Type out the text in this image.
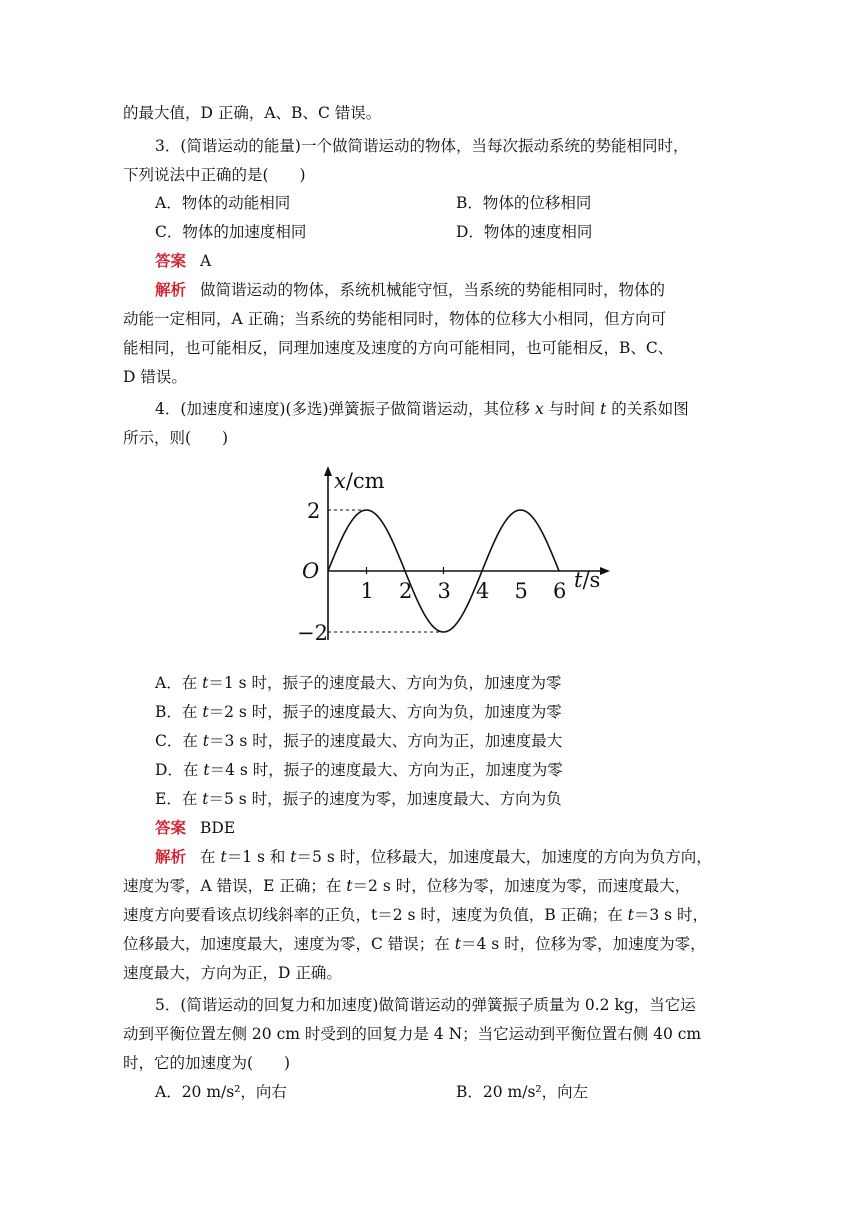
的最大值，D 正确，A、B、C 错误。
3．(简谐运动的能量)一个做简谐运动的物体，当每次振动系统的势能相同时，
下列说法中正确的是(　　)
A．物体的动能相同	B．物体的位移相同
C．物体的加速度相同	D．物体的速度相同
答案 A
解析 做简谐运动的物体，系统机械能守恒，当系统的势能相同时，物体的
动能一定相同，A 正确；当系统的势能相同时，物体的位移大小相同，但方向可
能相同，也可能相反，同理加速度及速度的方向可能相同，也可能相反，B、C、
D 错误。
4．(加速度和速度)(多选)弹簧振子做简谐运动，其位移 x 与时间 t 的关系如图
所示，则(　　)
1 2 3 4 5 6
2
−2
O
x/cm
t/s
A．在 t＝1 s 时，振子的速度最大、方向为负，加速度为零
B．在 t＝2 s 时，振子的速度最大、方向为负，加速度为零
C．在 t＝3 s 时，振子的速度最大、方向为正，加速度最大
D．在 t＝4 s 时，振子的速度最大、方向为正，加速度为零
E．在 t＝5 s 时，振子的速度为零，加速度最大、方向为负
答案 BDE
解析 在 t＝1 s 和 t＝5 s 时，位移最大，加速度最大，加速度的方向为负方向，
速度为零，A 错误，E 正确；在 t＝2 s 时，位移为零，加速度为零，而速度最大，
速度方向要看该点切线斜率的正负，t＝2 s 时，速度为负值，B 正确；在 t＝3 s 时，
位移最大，加速度最大，速度为零，C 错误；在 t＝4 s 时，位移为零，加速度为零，
速度最大，方向为正，D 正确。
5．(简谐运动的回复力和加速度)做简谐运动的弹簧振子质量为 0.2 kg，当它运
动到平衡位置左侧 20 cm 时受到的回复力是 4 N；当它运动到平衡位置右侧 40 cm
时，它的加速度为(　　)
A．20 m/s²，向右	B．20 m/s²，向左
